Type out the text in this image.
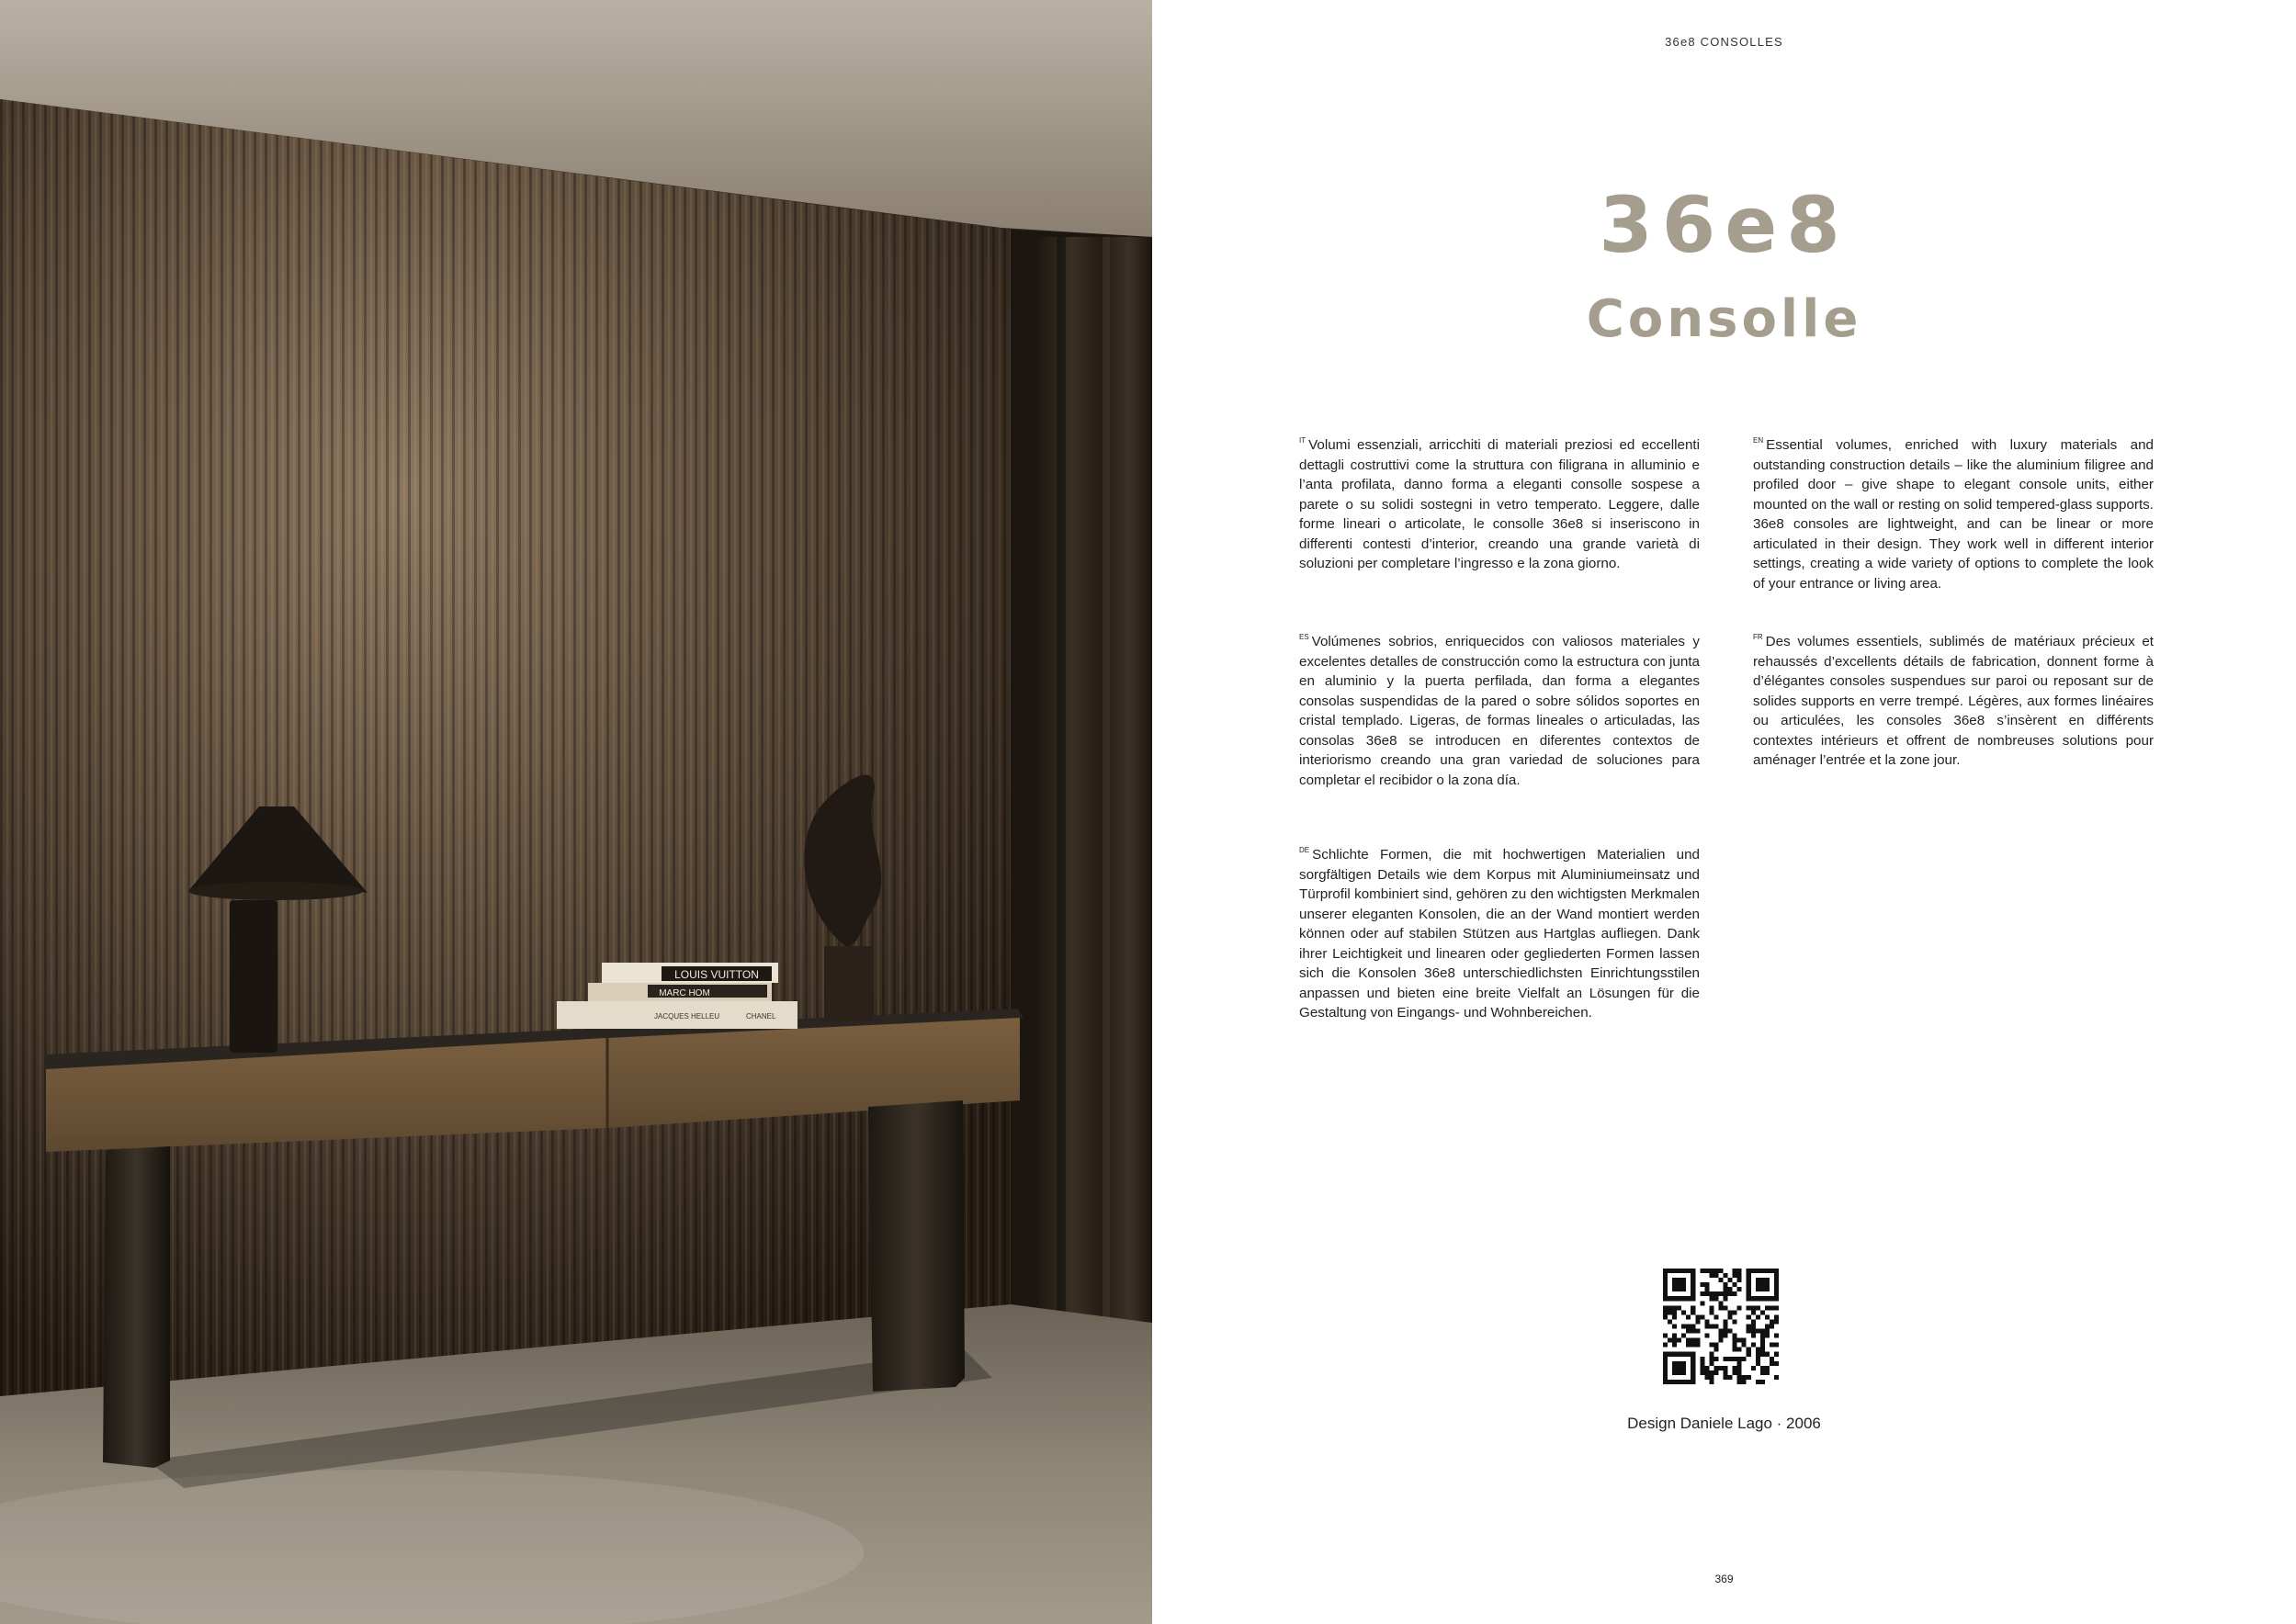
LOUIS VUITTON
MARC HOM
JACQUES HELLEU	CHANEL
36e8 CONSOLLES
36e8
Consolle
$^{IT}$ Volumi essenziali, arricchiti di materiali preziosi ed eccellenti dettagli costruttivi come la struttura con filigrana in alluminio e l’anta profilata, danno forma a eleganti consolle sospese a parete o su solidi sostegni in vetro temperato. Leggere, dalle forme lineari o articolate, le consolle 36e8 si inseriscono in differenti contesti d’interior, creando una grande varietà di soluzioni per completare l’ingresso e la zona giorno.
$^{ES}$ Volúmenes sobrios, enriquecidos con valiosos materiales y excelentes detalles de construcción como la estructura con junta en aluminio y la puerta perfilada, dan forma a elegantes consolas suspendidas de la pared o sobre sólidos soportes en cristal templado. Ligeras, de formas lineales o articuladas, las consolas 36e8 se introducen en diferentes contextos de interiorismo creando una gran variedad de soluciones para completar el recibidor o la zona día.
$^{DE}$ Schlichte Formen, die mit hochwertigen Materialien und sorgfältigen Details wie dem Korpus mit Aluminiumeinsatz und Türprofil kombiniert sind, gehören zu den wichtigsten Merkmalen unserer eleganten Konsolen, die an der Wand montiert werden können oder auf stabilen Stützen aus Hartglas aufliegen. Dank ihrer Leichtigkeit und linearen oder gegliederten Formen lassen sich die Konsolen 36e8 unterschiedlichsten Einrichtungsstilen anpassen und bieten eine breite Vielfalt an Lösungen für die Gestaltung von Eingangs- und Wohnbereichen.
$^{EN}$ Essential volumes, enriched with luxury materials and outstanding construction details – like the aluminium filigree and profiled door – give shape to elegant console units, either mounted on the wall or resting on solid tempered-glass supports. 36e8 consoles are lightweight, and can be linear or more articulated in their design. They work well in different interior settings, creating a wide variety of options to complete the look of your entrance or living area.
$^{FR}$ Des volumes essentiels, sublimés de matériaux précieux et rehaussés d’excellents détails de fabrication, donnent forme à d’élégantes consoles suspendues sur paroi ou reposant sur de solides supports en verre trempé. Légères, aux formes linéaires ou articulées, les consoles 36e8 s’insèrent en différents contextes intérieurs et offrent de nombreuses solutions pour aménager l’entrée et la zone jour.
Design Daniele Lago · 2006
369
